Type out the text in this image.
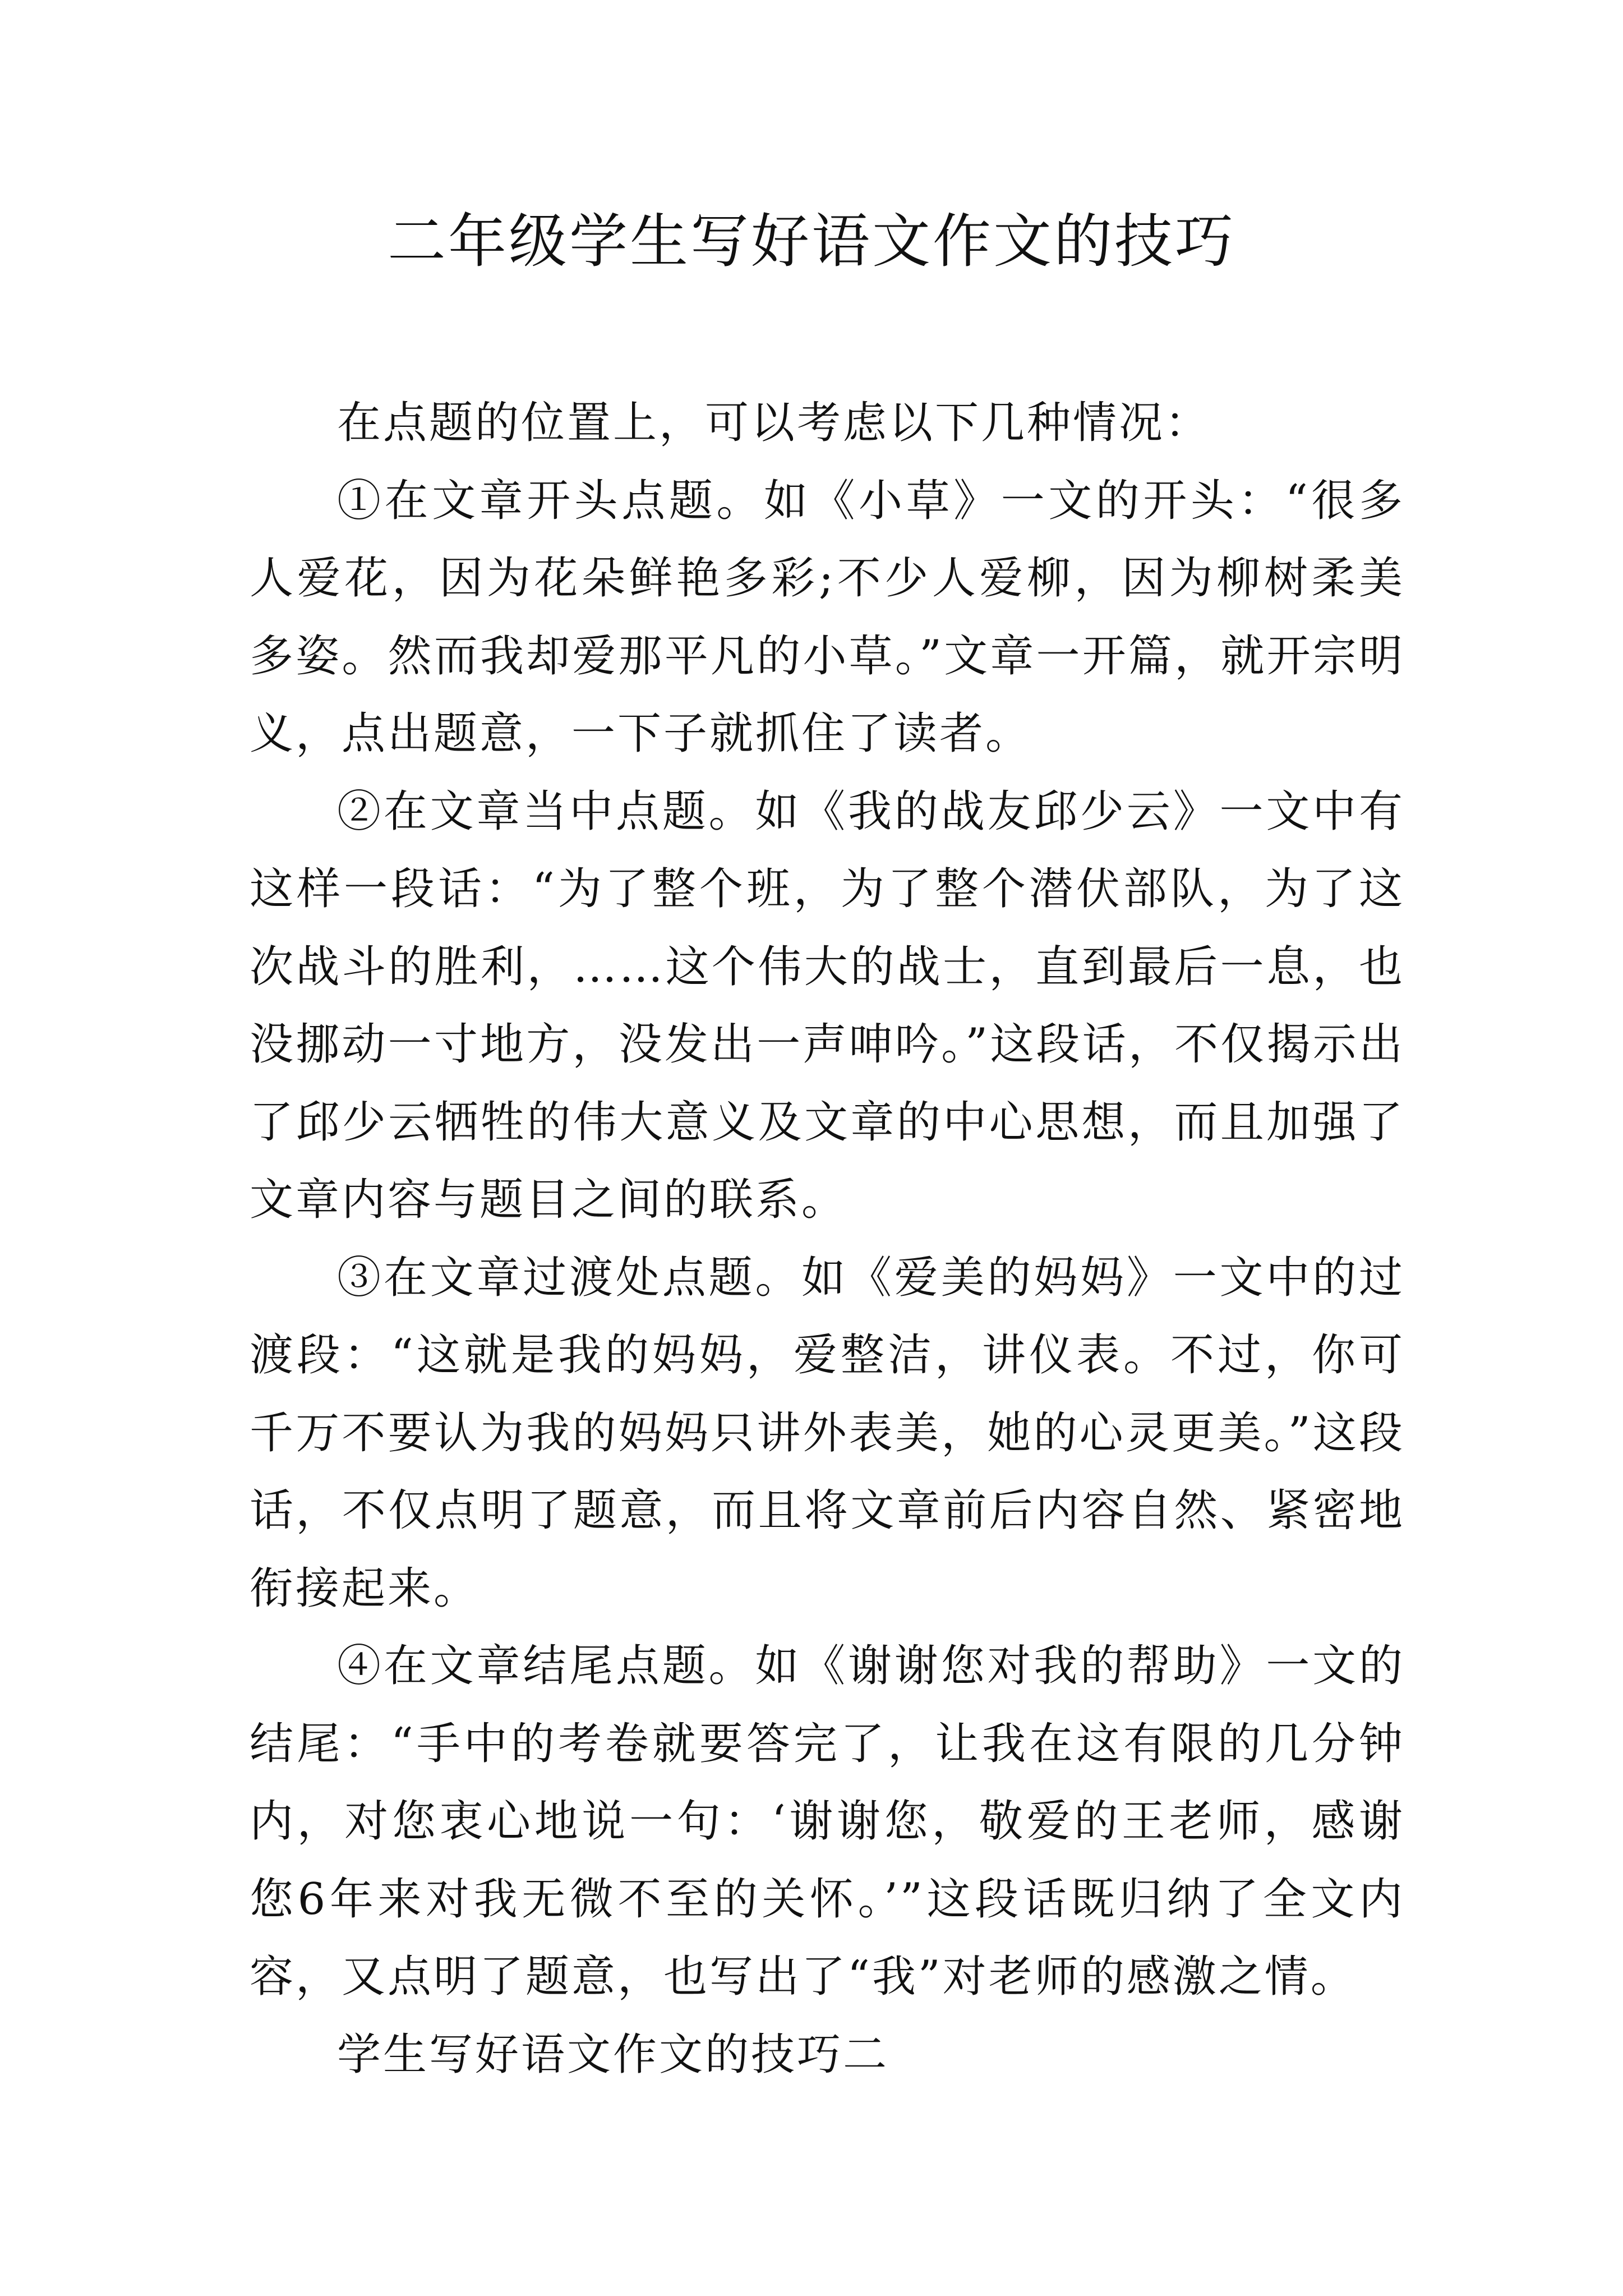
二年级学生写好语文作文的技巧

在点题的位置上，可以考虑以下几种情况：

①在文章开头点题。如《小草》一文的开头：“很多人爱花，因为花朵鲜艳多彩;不少人爱柳，因为柳树柔美多姿。然而我却爱那平凡的小草。”文章一开篇，就开宗明义，点出题意，一下子就抓住了读者。

②在文章当中点题。如《我的战友邱少云》一文中有这样一段话：“为了整个班，为了整个潜伏部队，为了这次战斗的胜利，……这个伟大的战士，直到最后一息，也没挪动一寸地方，没发出一声呻吟。”这段话，不仅揭示出了邱少云牺牲的伟大意义及文章的中心思想，而且加强了文章内容与题目之间的联系。

③在文章过渡处点题。如《爱美的妈妈》一文中的过渡段：“这就是我的妈妈，爱整洁，讲仪表。不过，你可千万不要认为我的妈妈只讲外表美，她的心灵更美。”这段话，不仅点明了题意，而且将文章前后内容自然、紧密地衔接起来。

④在文章结尾点题。如《谢谢您对我的帮助》一文的结尾：“手中的考卷就要答完了，让我在这有限的几分钟内，对您衷心地说一句：‘谢谢您，敬爱的王老师，感谢您6年来对我无微不至的关怀。’”这段话既归纳了全文内容，又点明了题意，也写出了“我”对老师的感激之情。

学生写好语文作文的技巧二
